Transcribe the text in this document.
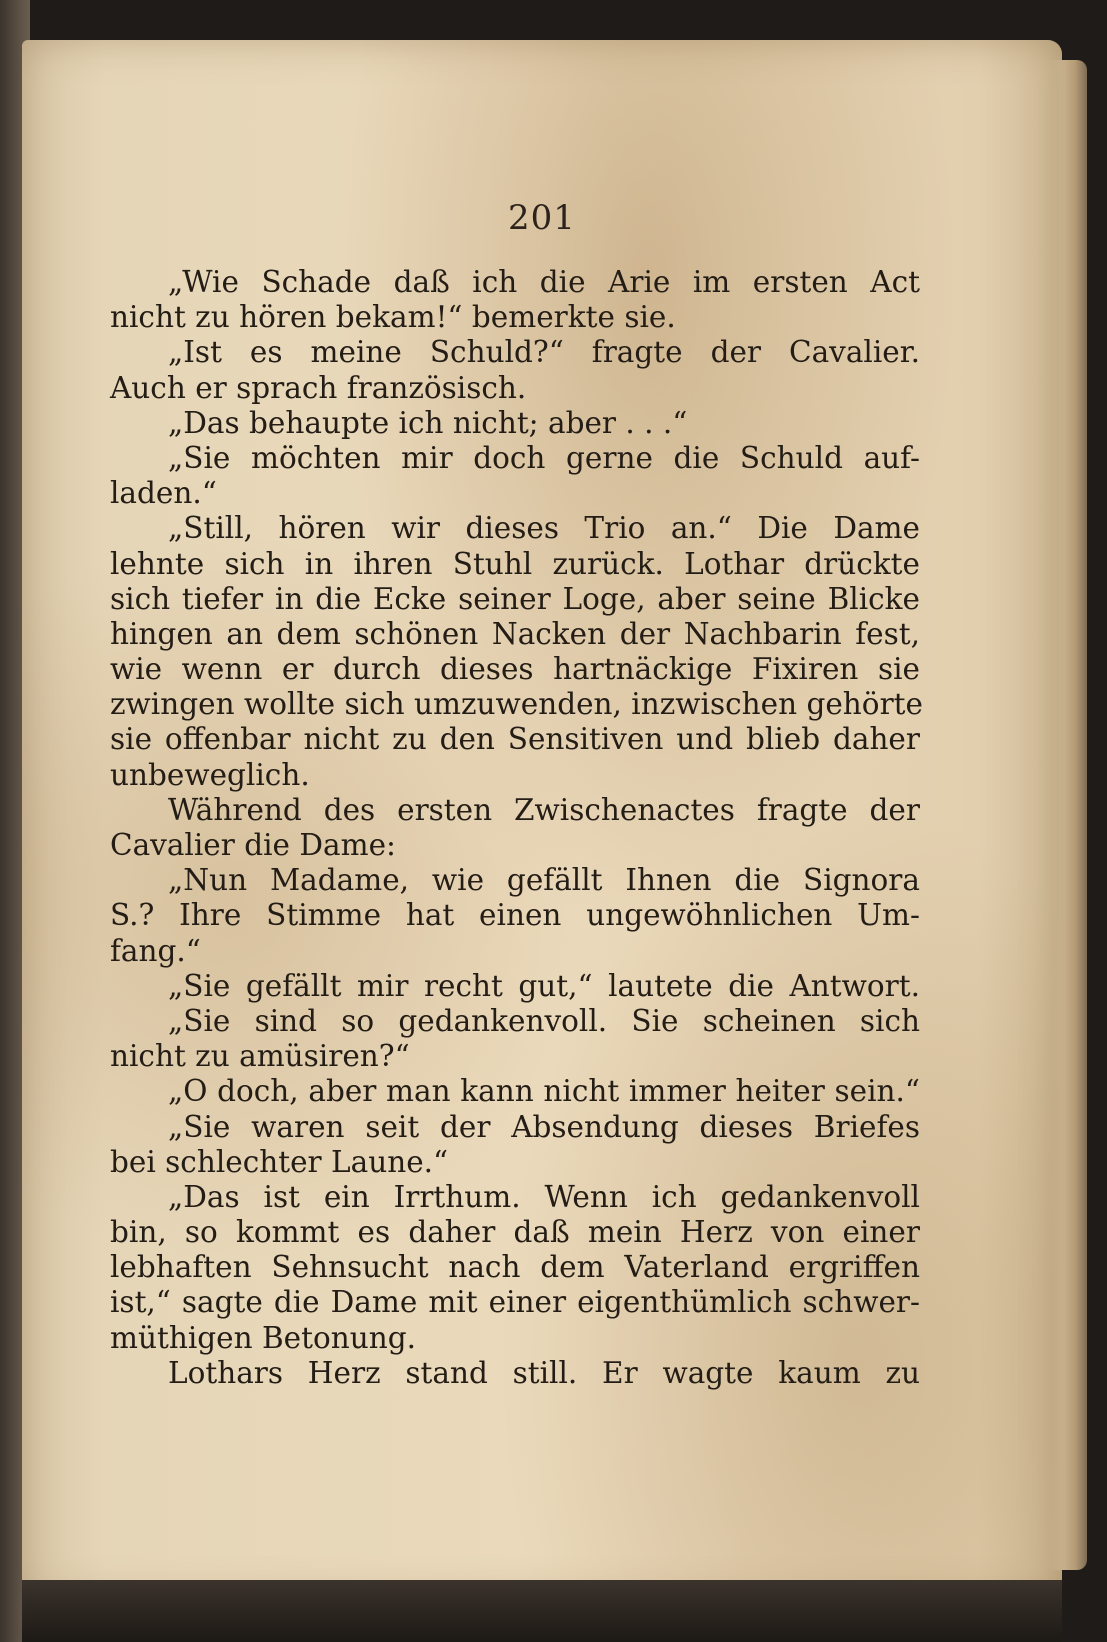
201
„Wie Schade daß ich die Arie im ersten Act
nicht zu hören bekam!“ bemerkte sie.
„Ist es meine Schuld?“ fragte der Cavalier.
Auch er sprach französisch.
„Das behaupte ich nicht; aber . . .“
„Sie möchten mir doch gerne die Schuld auf-
laden.“
„Still, hören wir dieses Trio an.“ Die Dame
lehnte sich in ihren Stuhl zurück. Lothar drückte
sich tiefer in die Ecke seiner Loge, aber seine Blicke
hingen an dem schönen Nacken der Nachbarin fest,
wie wenn er durch dieses hartnäckige Fixiren sie
zwingen wollte sich umzuwenden, inzwischen gehörte
sie offenbar nicht zu den Sensitiven und blieb daher
unbeweglich.
Während des ersten Zwischenactes fragte der
Cavalier die Dame:
„Nun Madame, wie gefällt Ihnen die Signora
S.? Ihre Stimme hat einen ungewöhnlichen Um-
fang.“
„Sie gefällt mir recht gut,“ lautete die Antwort.
„Sie sind so gedankenvoll. Sie scheinen sich
nicht zu amüsiren?“
„O doch, aber man kann nicht immer heiter sein.“
„Sie waren seit der Absendung dieses Briefes
bei schlechter Laune.“
„Das ist ein Irrthum. Wenn ich gedankenvoll
bin, so kommt es daher daß mein Herz von einer
lebhaften Sehnsucht nach dem Vaterland ergriffen
ist,“ sagte die Dame mit einer eigenthümlich schwer-
müthigen Betonung.
Lothars Herz stand still. Er wagte kaum zu
